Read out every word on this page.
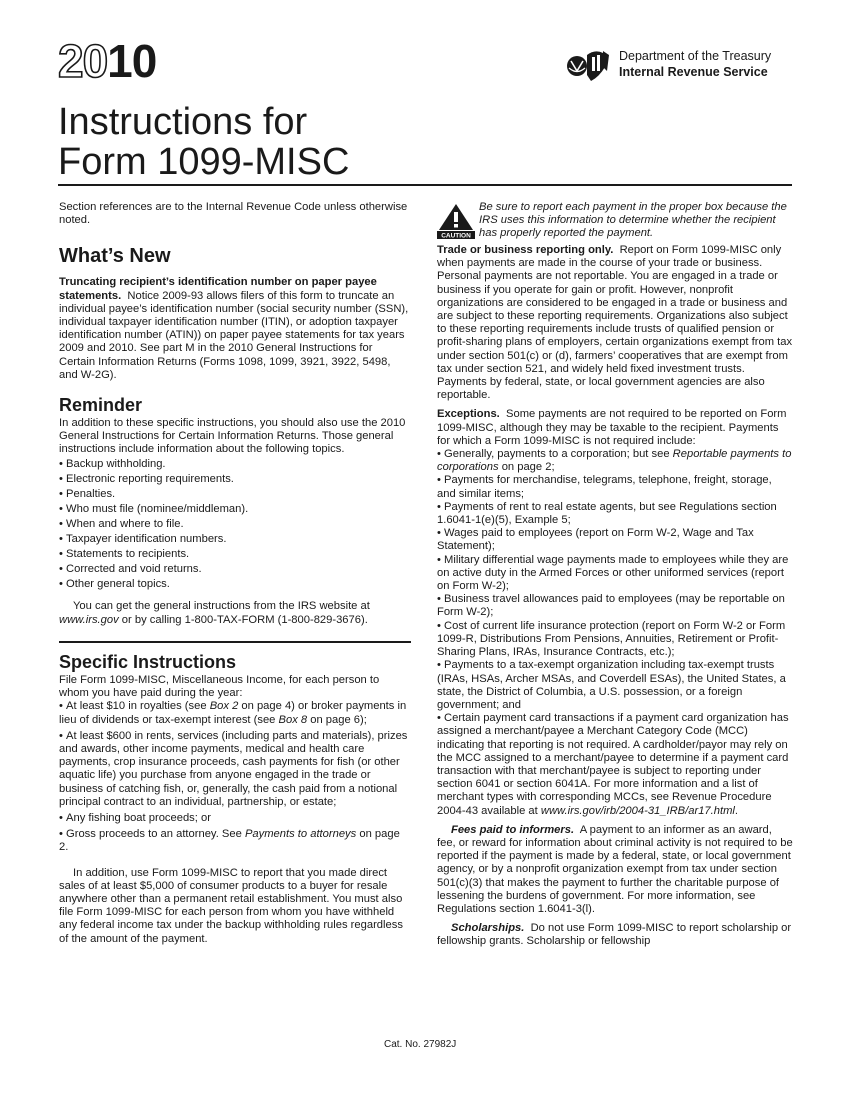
2010	Department of the Treasury
Internal Revenue Service
Instructions for
Form 1099-MISC

Section references are to the Internal Revenue Code unless otherwise noted.

What’s New

Truncating recipient’s identification number on paper payee statements. Notice 2009-93 allows filers of this form to truncate an individual payee’s identification number (social security number (SSN), individual taxpayer identification number (ITIN), or adoption taxpayer identification number (ATIN)) on paper payee statements for tax years 2009 and 2010. See part M in the 2010 General Instructions for Certain Information Returns (Forms 1098, 1099, 3921, 3922, 5498, and W-2G).

Reminder

In addition to these specific instructions, you should also use the 2010 General Instructions for Certain Information Returns. Those general instructions include information about the following topics.

• Backup withholding.
• Electronic reporting requirements.
• Penalties.
• Who must file (nominee/middleman).
• When and where to file.
• Taxpayer identification numbers.
• Statements to recipients.
• Corrected and void returns.
• Other general topics.

You can get the general instructions from the IRS website at www.irs.gov or by calling 1-800-TAX-FORM (1-800-829-3676).

Specific Instructions

File Form 1099-MISC, Miscellaneous Income, for each person to whom you have paid during the year:

• At least $10 in royalties (see Box 2 on page 4) or broker payments in lieu of dividends or tax-exempt interest (see Box 8 on page 6);
• At least $600 in rents, services (including parts and materials), prizes and awards, other income payments, medical and health care payments, crop insurance proceeds, cash payments for fish (or other aquatic life) you purchase from anyone engaged in the trade or business of catching fish, or, generally, the cash paid from a notional principal contract to an individual, partnership, or estate;
• Any fishing boat proceeds; or
• Gross proceeds to an attorney. See Payments to attorneys on page 2.

In addition, use Form 1099-MISC to report that you made direct sales of at least $5,000 of consumer products to a buyer for resale anywhere other than a permanent retail establishment. You must also file Form 1099-MISC for each person from whom you have withheld any federal income tax under the backup withholding rules regardless of the amount of the payment.

CAUTION

Be sure to report each payment in the proper box because the IRS uses this information to determine whether the recipient has properly reported the payment.

Trade or business reporting only. Report on Form 1099-MISC only when payments are made in the course of your trade or business. Personal payments are not reportable. You are engaged in a trade or business if you operate for gain or profit. However, nonprofit organizations are considered to be engaged in a trade or business and are subject to these reporting requirements. Organizations also subject to these reporting requirements include trusts of qualified pension or profit-sharing plans of employers, certain organizations exempt from tax under section 501(c) or (d), farmers’ cooperatives that are exempt from tax under section 521, and widely held fixed investment trusts. Payments by federal, state, or local government agencies are also reportable.

Exceptions. Some payments are not required to be reported on Form 1099-MISC, although they may be taxable to the recipient. Payments for which a Form 1099-MISC is not required include:

• Generally, payments to a corporation; but see Reportable payments to corporations on page 2;
• Payments for merchandise, telegrams, telephone, freight, storage, and similar items;
• Payments of rent to real estate agents, but see Regulations section 1.6041-1(e)(5), Example 5;
• Wages paid to employees (report on Form W-2, Wage and Tax Statement);
• Military differential wage payments made to employees while they are on active duty in the Armed Forces or other uniformed services (report on Form W-2);
• Business travel allowances paid to employees (may be reportable on Form W-2);
• Cost of current life insurance protection (report on Form W-2 or Form 1099-R, Distributions From Pensions, Annuities, Retirement or Profit-Sharing Plans, IRAs, Insurance Contracts, etc.);
• Payments to a tax-exempt organization including tax-exempt trusts (IRAs, HSAs, Archer MSAs, and Coverdell ESAs), the United States, a state, the District of Columbia, a U.S. possession, or a foreign government; and
• Certain payment card transactions if a payment card organization has assigned a merchant/payee a Merchant Category Code (MCC) indicating that reporting is not required. A cardholder/payor may rely on the MCC assigned to a merchant/payee to determine if a payment card transaction with that merchant/payee is subject to reporting under section 6041 or section 6041A. For more information and a list of merchant types with corresponding MCCs, see Revenue Procedure 2004-43 available at www.irs.gov/irb/2004-31_IRB/ar17.html.

Fees paid to informers. A payment to an informer as an award, fee, or reward for information about criminal activity is not required to be reported if the payment is made by a federal, state, or local government agency, or by a nonprofit organization exempt from tax under section 501(c)(3) that makes the payment to further the charitable purpose of lessening the burdens of government. For more information, see Regulations section 1.6041-3(l).

Scholarships. Do not use Form 1099-MISC to report scholarship or fellowship grants. Scholarship or fellowship

Cat. No. 27982J
